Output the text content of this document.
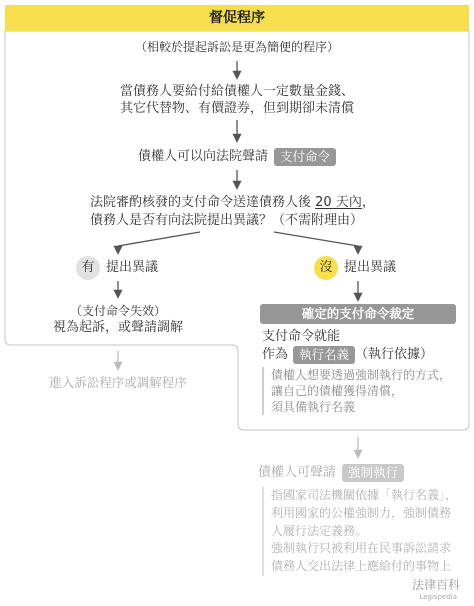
督促程序
（相較於提起訴訟是更為簡便的程序）
當債務人要給付給債權人一定數量金錢、
其它代替物、有價證券，但到期卻未清償
債權人可以向法院聲請 支付命令
法院審酌核發的支付命令送達債務人後 20 天內，
債務人是否有向法院提出異議？（不需附理由）
有 提出異議
（支付命令失效）
視為起訴，或聲請調解
進入訴訟程序或調解程序
沒 提出異議
確定的支付命令裁定
支付命令就能
作為 執行名義 （執行依據）
債權人想要透過強制執行的方式，
讓自己的債權獲得清償，
須具備執行名義
債權人可聲請 強制執行
指國家司法機關依據「執行名義」，
利用國家的公權強制力，強制債務
人履行法定義務。
強制執行只被利用在民事訴訟請求
債務人交出法律上應給付的事物上
法律百科
Legispedia
